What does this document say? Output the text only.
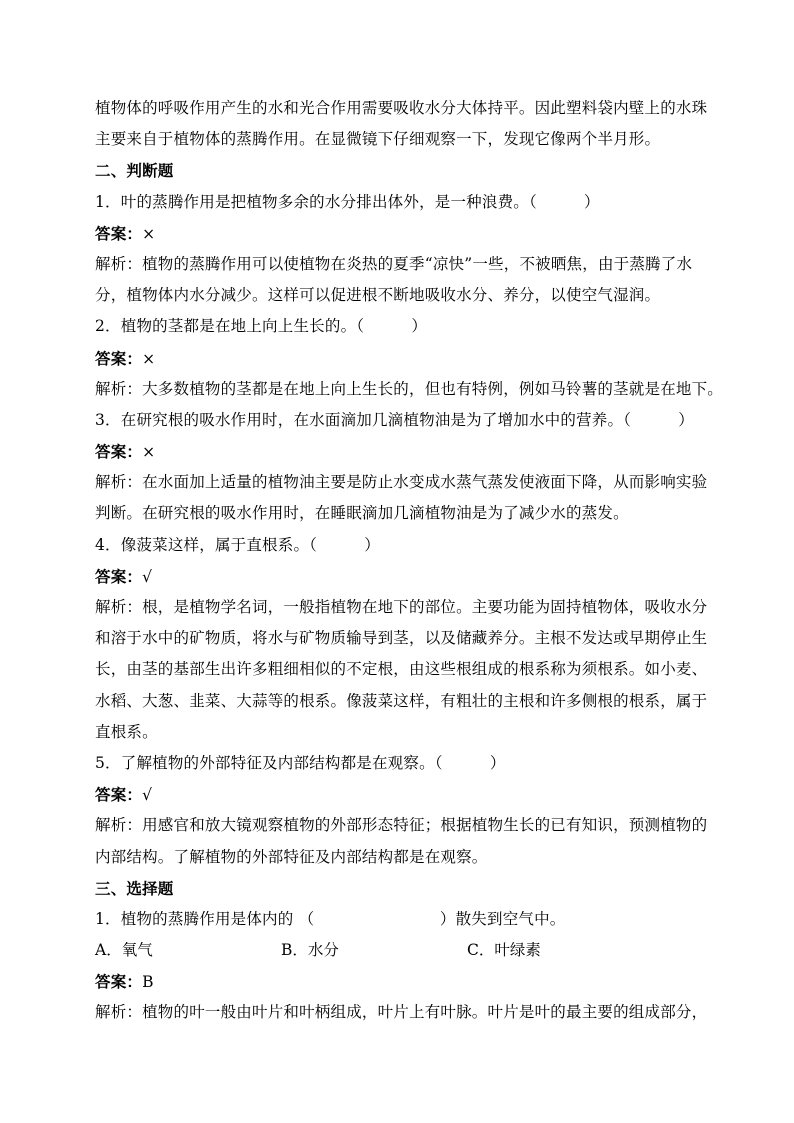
植物体的呼吸作用产生的水和光合作用需要吸收水分大体持平。因此塑料袋内壁上的水珠
主要来自于植物体的蒸腾作用。在显微镜下仔细观察一下，发现它像两个半月形。
二、判断题
1．叶的蒸腾作用是把植物多余的水分排出体外，是一种浪费。（　　　）
答案：×
解析：植物的蒸腾作用可以使植物在炎热的夏季“凉快”一些，不被晒焦，由于蒸腾了水
分，植物体内水分减少。这样可以促进根不断地吸收水分、养分，以使空气湿润。
2．植物的茎都是在地上向上生长的。（　　　）
答案：×
解析：大多数植物的茎都是在地上向上生长的，但也有特例，例如马铃薯的茎就是在地下。
3．在研究根的吸水作用时，在水面滴加几滴植物油是为了增加水中的营养。（　　　）
答案：×
解析：在水面加上适量的植物油主要是防止水变成水蒸气蒸发使液面下降，从而影响实验
判断。在研究根的吸水作用时，在睡眠滴加几滴植物油是为了减少水的蒸发。
4．像菠菜这样，属于直根系。（　　　）
答案：√
解析：根，是植物学名词，一般指植物在地下的部位。主要功能为固持植物体，吸收水分
和溶于水中的矿物质，将水与矿物质输导到茎，以及储藏养分。主根不发达或早期停止生
长，由茎的基部生出许多粗细相似的不定根，由这些根组成的根系称为须根系。如小麦、
水稻、大葱、韭菜、大蒜等的根系。像菠菜这样，有粗壮的主根和许多侧根的根系，属于
直根系。
5．了解植物的外部特征及内部结构都是在观察。（　　　）
答案：√
解析：用感官和放大镜观察植物的外部形态特征；根据植物生长的已有知识，预测植物的
内部结构。了解植物的外部特征及内部结构都是在观察。
三、选择题
1．植物的蒸腾作用是体内的 （　　　　　　　　）散失到空气中。
A．氧气	B．水分	C．叶绿素
答案：B
解析：植物的叶一般由叶片和叶柄组成，叶片上有叶脉。叶片是叶的最主要的组成部分，
